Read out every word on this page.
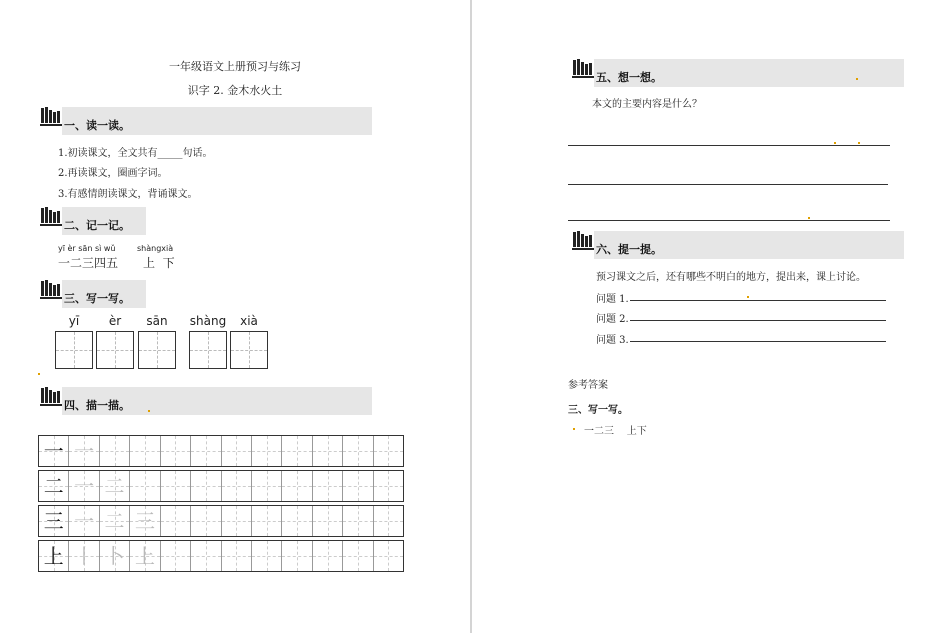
一年级语文上册预习与练习
识字 2. 金木水火土
一、读一读。
1.初读课文，全文共有_____句话。
2.再读课文，圈画字词。
3.有感情朗读课文，背诵课文。
二、记一记。
yī èr sān sì wǔ
一二三四五
shàngxià
上  下
三、写一写。
yī	èr	sān	shàng	xià
四、描一描。
一 一
二 一 二
三 一 二 三
上 丨 卜 上
五、想一想。
本文的主要内容是什么？
六、提一提。
预习课文之后，还有哪些不明白的地方，提出来，课上讨论。
问题 1.
问题 2.
问题 3.
参考答案
三、写一写。
一二三    上下
